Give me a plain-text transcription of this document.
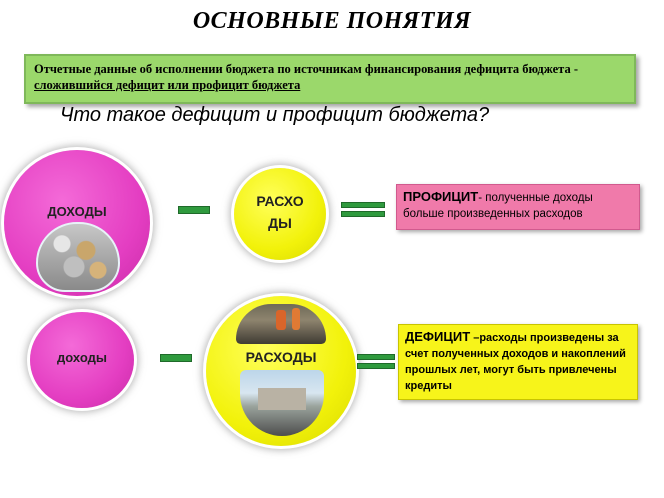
ОСНОВНЫЕ ПОНЯТИЯ
Отчетные данные об исполнении бюджета по источникам финансирования дефицита бюджета - сложившийся дефицит или профицит бюджета
Что такое дефицит и профицит бюджета?
ДОХОДЫ
РАСХО
ДЫ
ПРОФИЦИТ- полученные доходы больше произведенных расходов
доходы	РАСХОДЫ
ДЕФИЦИТ –расходы произведены за счет полученных доходов и накоплений прошлых лет, могут быть привлечены кредиты
